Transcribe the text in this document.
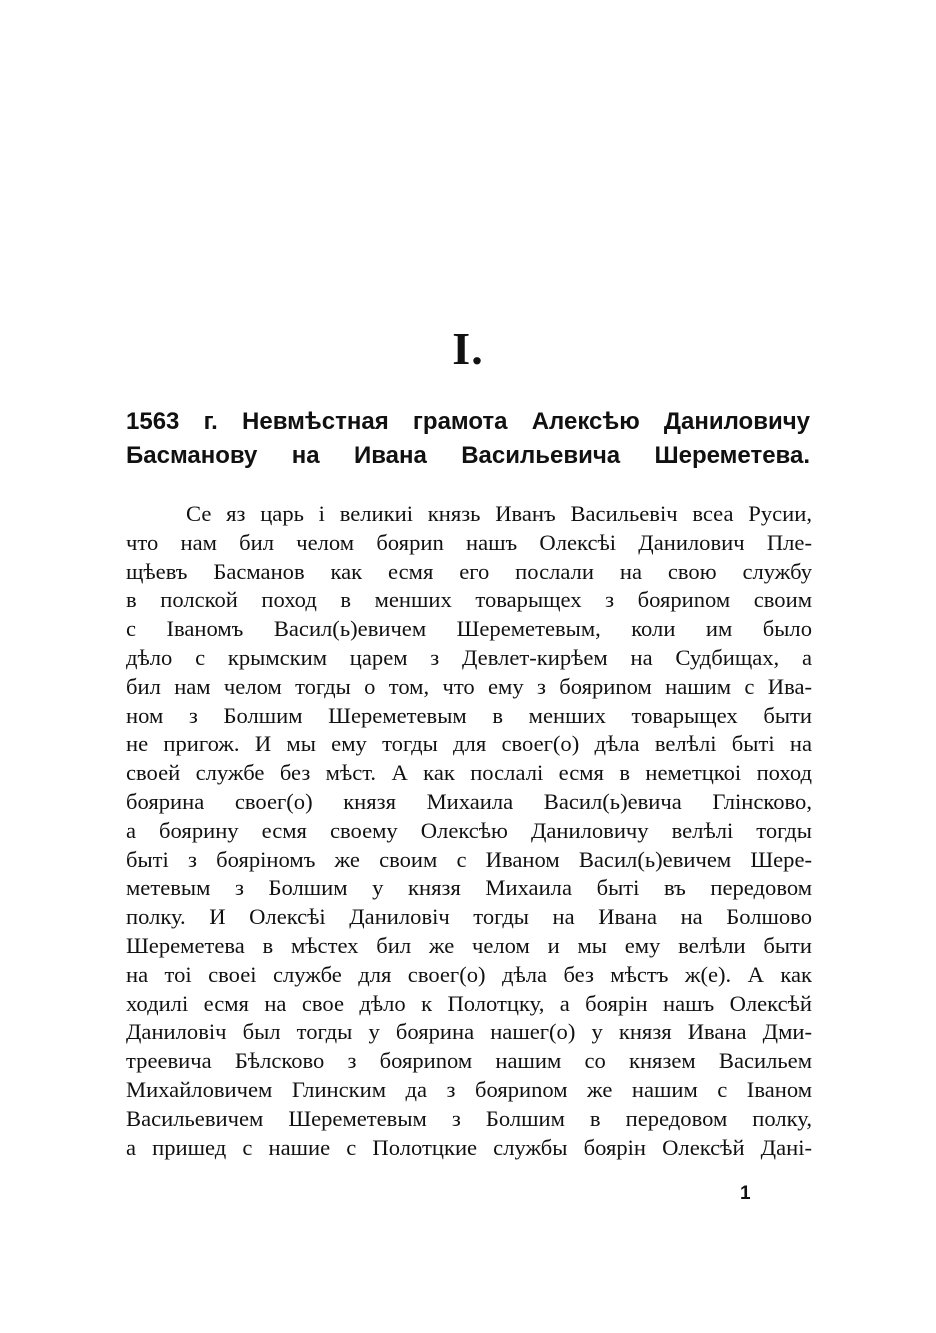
I.
1563 г. Невмѣстная грамота Алексѣю Даниловичу
Басманову на Ивана Васильевича Шереметева.
Се яз царь і великиі князь Иванъ Васильевіч всеа Русии,
что нам бил челом бояриn нашъ Олексѣі Данилович Пле-
щѣевъ Басманов как есмя его послали на свою службу
в полской поход в меншиx товарыщех з бояриnом своим
с Іваномъ Васил(ь)евичем Шереметевым, коли им было
дѣло с крымским царем з Девлет-кирѣем на Судбищах, а
бил нам челом тогды о том, что ему з бояриnом нашим с Ива-
ном з Болшим Шереметевым в менших товарыщех быти
не пригож. И мы ему тогды для своег(о) дѣла велѣлі быті на
своей службе без мѣст. А как послалі есмя в неметцкоі поход
боярина своег(о) князя Михаила Васил(ь)евича Глінсково,
а боярину есмя своему Олексѣю Даниловичу велѣлі тогды
быті з бояріномъ же своим с Иваном Васил(ь)евичем Шере-
метевым з Болшим у князя Михаила быті въ передовом
полку. И Олексѣі Даниловіч тогды на Ивана на Болшово
Шереметева в мѣстех бил же челом и мы ему велѣли быти
на тоі своеі службе для своег(о) дѣла без мѣстъ ж(е). А как
ходилі есмя на свое дѣло к Полотцку, а боярін нашъ Олексѣй
Даниловіч был тогды у боярина нашег(о) у князя Ивана Дми-
треевича Бѣлсково з бояриnом нашим со князем Васильем
Михайловичем Глинским да з бояриnом же нашим с Іваном
Васильевичем Шереметевым з Болшим в передовом полку,
а пришед с нашие с Полотцкие службы боярін Олексѣй Дані-
1
